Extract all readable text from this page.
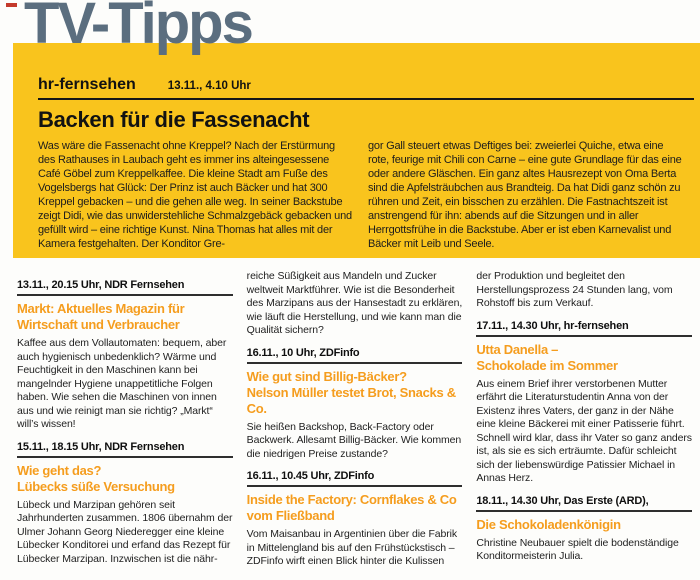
TV-Tipps
hr-fernsehen	13.11., 4.10 Uhr
Backen für die Fassenacht
Was wäre die Fassenacht ohne Kreppel? Nach der Erstürmung des Rathauses in Laubach geht es immer ins alteingesessene Café Göbel zum Kreppelkaffee. Die kleine Stadt am Fuße des Vogelsbergs hat Glück: Der Prinz ist auch Bäcker und hat 300 Kreppel gebacken – und die gehen alle weg. In seiner Backstube zeigt Didi, wie das unwiderstehliche Schmalzgebäck gebacken und gefüllt wird – eine richtige Kunst. Nina Thomas hat alles mit der Kamera festgehalten. Der Konditor Gre-
gor Gall steuert etwas Deftiges bei: zweierlei Quiche, etwa eine rote, feurige mit Chili con Carne – eine gute Grundlage für das eine oder andere Gläschen. Ein ganz altes Hausrezept von Oma Berta sind die Apfelsträubchen aus Brandteig. Da hat Didi ganz schön zu rühren und Zeit, ein bisschen zu erzählen. Die Fastnachtszeit ist anstrengend für ihn: abends auf die Sitzungen und in aller Herrgottsfrühe in die Backstube. Aber er ist eben Karnevalist und Bäcker mit Leib und Seele.
13.11., 20.15 Uhr, NDR Fernsehen
Markt: Aktuelles Magazin für Wirtschaft und Verbraucher
Kaffee aus dem Vollautomaten: bequem, aber auch hygienisch unbedenklich? Wärme und Feuchtigkeit in den Maschinen kann bei mangelnder Hygiene unappetitliche Folgen haben. Wie sehen die Maschinen von innen aus und wie reinigt man sie richtig? „Markt“ will’s wissen!
15.11., 18.15 Uhr, NDR Fernsehen
Wie geht das?
Lübecks süße Versuchung
Lübeck und Marzipan gehören seit Jahrhunderten zusammen. 1806 übernahm der Ulmer Johann Georg Niederegger eine kleine Lübecker Konditorei und erfand das Rezept für Lübecker Marzipan. Inzwischen ist die nähr-
reiche Süßigkeit aus Mandeln und Zucker weltweit Marktführer. Wie ist die Besonderheit des Marzipans aus der Hansestadt zu erklären, wie läuft die Herstellung, und wie kann man die Qualität sichern?
16.11., 10 Uhr, ZDFinfo
Wie gut sind Billig-Bäcker?
Nelson Müller testet Brot, Snacks & Co.
Sie heißen Backshop, Back-Factory oder Backwerk. Allesamt Billig-Bäcker. Wie kommen die niedrigen Preise zustande?
16.11., 10.45 Uhr, ZDFinfo
Inside the Factory: Cornflakes & Co vom Fließband
Vom Maisanbau in Argentinien über die Fabrik in Mittelengland bis auf den Frühstückstisch – ZDFinfo wirft einen Blick hinter die Kulissen
der Produktion und begleitet den Herstellungsprozess 24 Stunden lang, vom Rohstoff bis zum Verkauf.
17.11., 14.30 Uhr, hr-fernsehen
Utta Danella –
Schokolade im Sommer
Aus einem Brief ihrer verstorbenen Mutter erfährt die Literaturstudentin Anna von der Existenz ihres Vaters, der ganz in der Nähe eine kleine Bäckerei mit einer Patisserie führt. Schnell wird klar, dass ihr Vater so ganz anders ist, als sie es sich erträumte. Dafür schleicht sich der liebenswürdige Patissier Michael in Annas Herz.
18.11., 14.30 Uhr, Das Erste (ARD),
Die Schokoladenkönigin
Christine Neubauer spielt die bodenständige Konditormeisterin Julia.
